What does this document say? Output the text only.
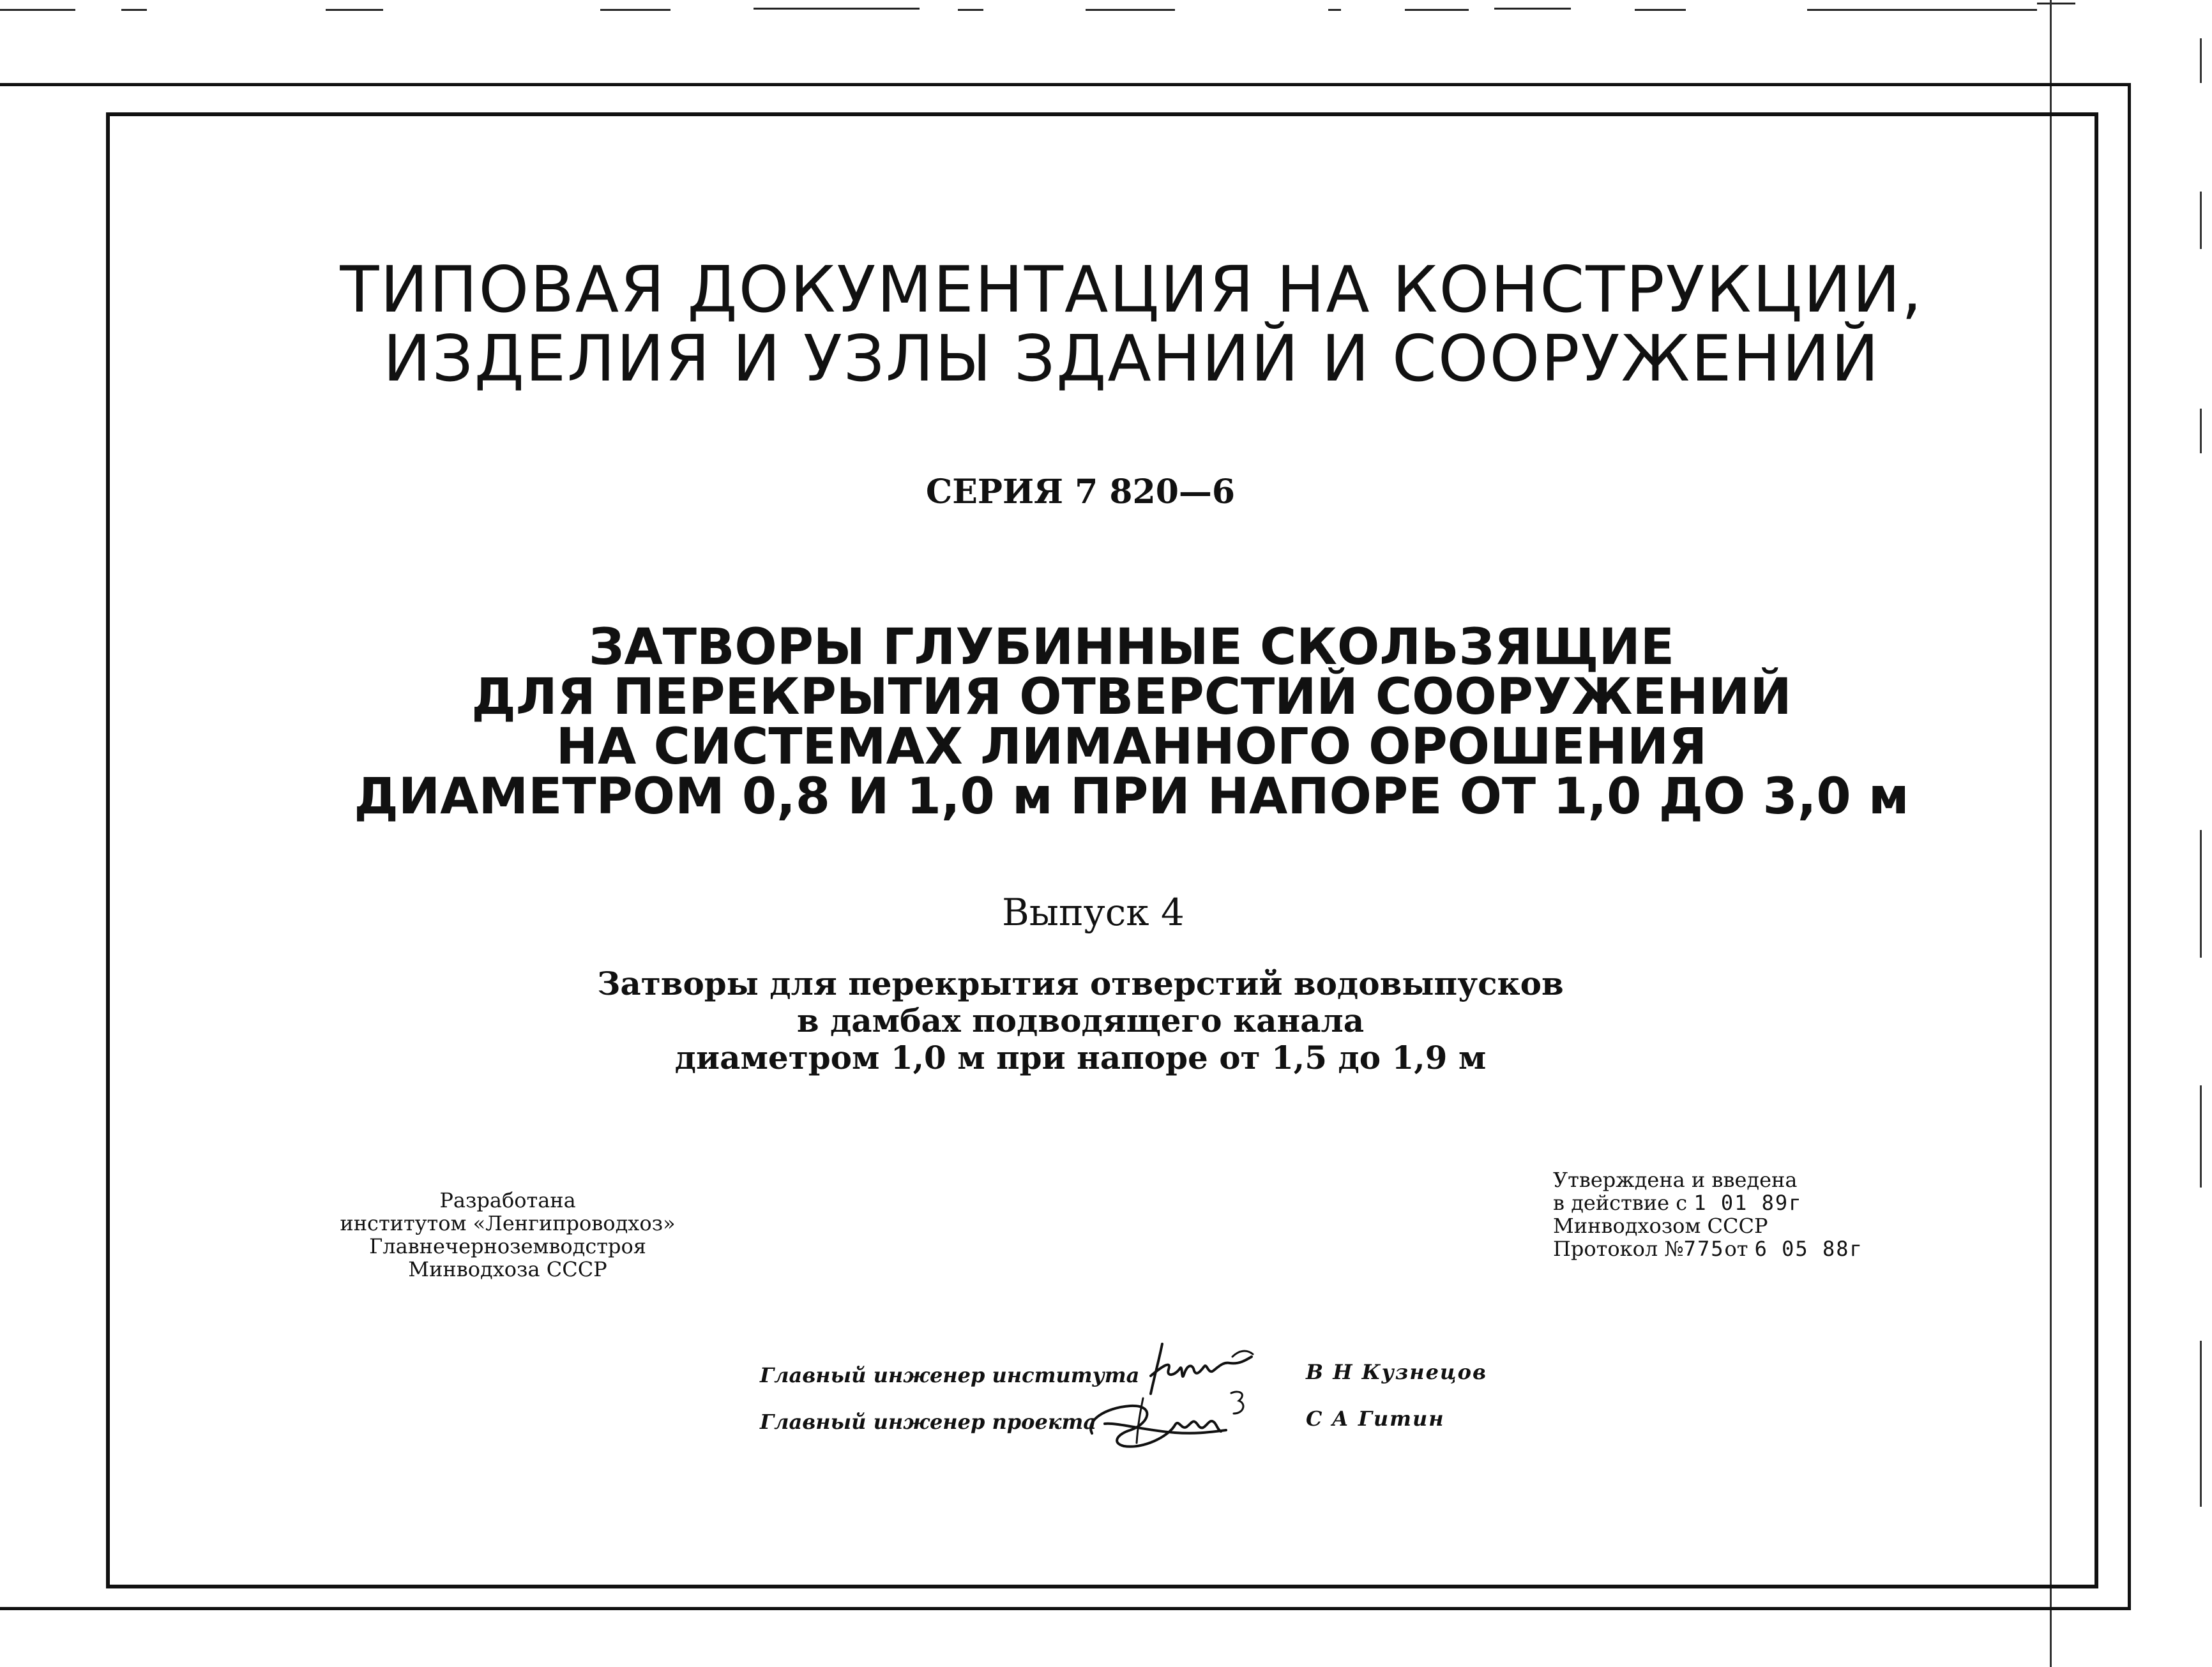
ТИПОВАЯ ДОКУМЕНТАЦИЯ НА КОНСТРУКЦИИ,
ИЗДЕЛИЯ И УЗЛЫ ЗДАНИЙ И СООРУЖЕНИЙ
СЕРИЯ 7 820—6
ЗАТВОРЫ ГЛУБИННЫЕ СКОЛЬЗЯЩИЕ
ДЛЯ ПЕРЕКРЫТИЯ ОТВЕРСТИЙ СООРУЖЕНИЙ
НА СИСТЕМАХ ЛИМАННОГО ОРОШЕНИЯ
ДИАМЕТРОМ 0,8 И 1,0 м ПРИ НАПОРЕ ОТ 1,0 ДО 3,0 м
Выпуск 4
Затворы для перекрытия отверстий водовыпусков
в дамбах подводящего канала
диаметром 1,0 м при напоре от 1,5 до 1,9 м
Разработана
институтом «Ленгипроводхоз»
Главнечерноземводстроя
Минводхоза СССР
Утверждена и введена
в действие с 1 01 89г
Минводхозом СССР
Протокол №775от 6 05 88г
Главный инженер института	В Н Кузнецов
Главный инженер проекта	С А Гитин
